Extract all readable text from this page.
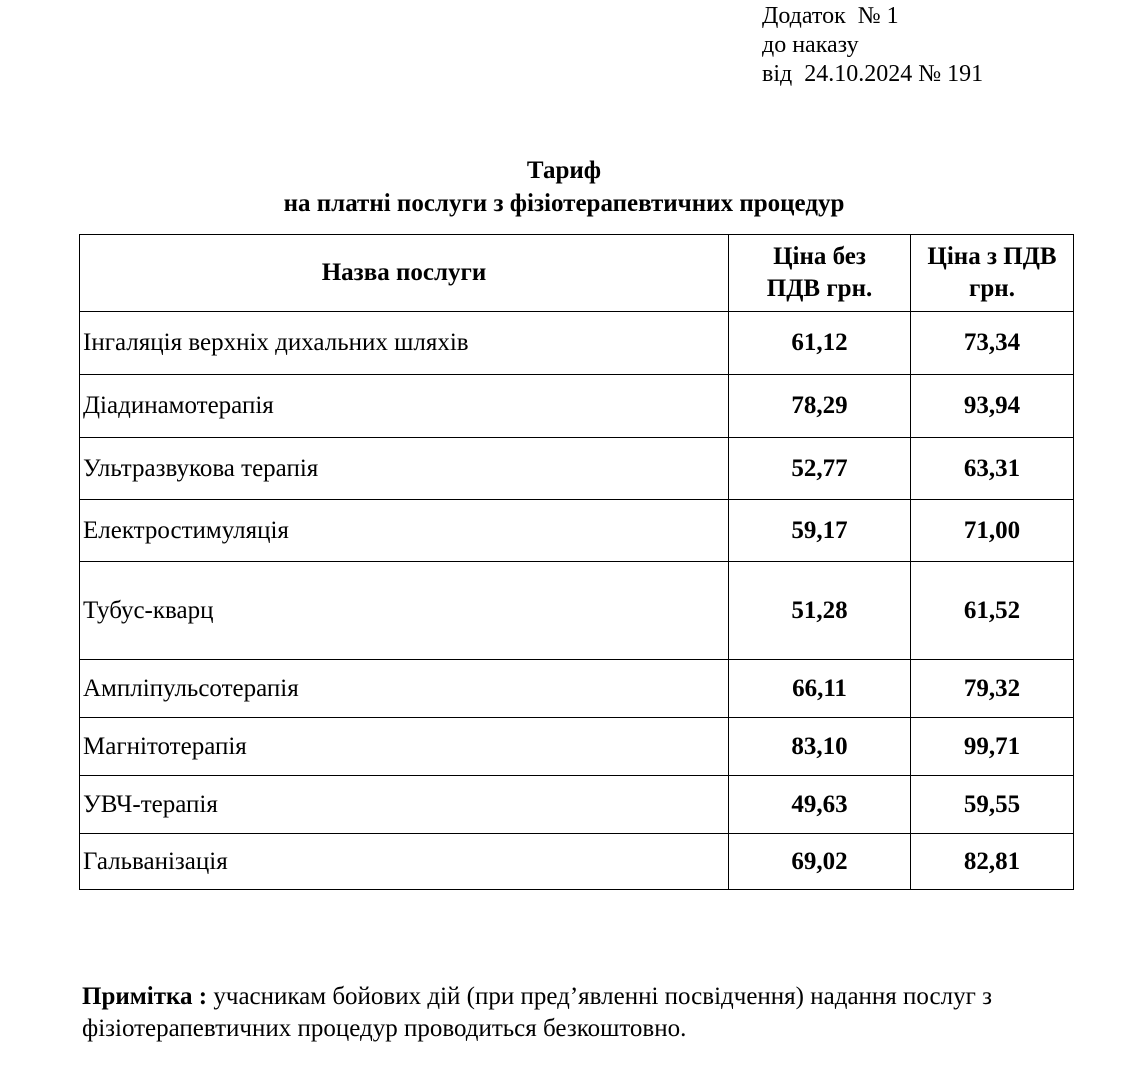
Додаток  № 1
до наказу
від  24.10.2024 № 191
Тариф
на платні послуги з фізіотерапевтичних процедур
Назва послуги	Ціна без ПДВ грн.	Ціна з ПДВ грн.
Інгаляція верхніх дихальних шляхів	61,12	73,34
Діадинамотерапія	78,29	93,94
Ультразвукова терапія	52,77	63,31
Електростимуляція	59,17	71,00
Тубус-кварц	51,28	61,52
Ампліпульсотерапія	66,11	79,32
Магнітотерапія	83,10	99,71
УВЧ-терапія	49,63	59,55
Гальванізація	69,02	82,81
Примітка : учасникам бойових дій (при пред’явленні посвідчення) надання послуг з фізіотерапевтичних процедур проводиться безкоштовно.
